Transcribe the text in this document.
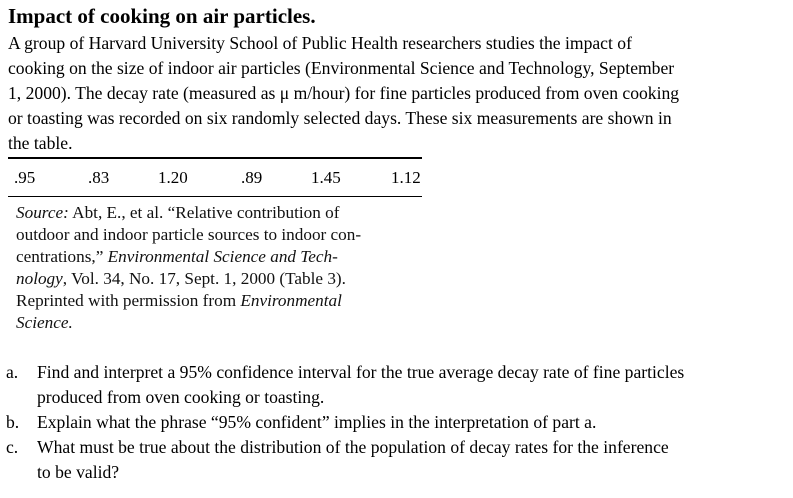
Impact of cooking on air particles.
A group of Harvard University School of Public Health researchers studies the impact of
cooking on the size of indoor air particles (Environmental Science and Technology, September
1, 2000). The decay rate (measured as μ m/hour) for fine particles produced from oven cooking
or toasting was recorded on six randomly selected days. These six measurements are shown in
the table.
.95	.83	1.20	.89	1.45	1.12
Source: Abt, E., et al. “Relative contribution of
outdoor and indoor particle sources to indoor con-
centrations,” Environmental Science and Tech-
nology, Vol. 34, No. 17, Sept. 1, 2000 (Table 3).
Reprinted with permission from Environmental
Science.
a. Find and interpret a 95% confidence interval for the true average decay rate of fine particles
produced from oven cooking or toasting.
b. Explain what the phrase “95% confident” implies in the interpretation of part a.
c. What must be true about the distribution of the population of decay rates for the inference
to be valid?
